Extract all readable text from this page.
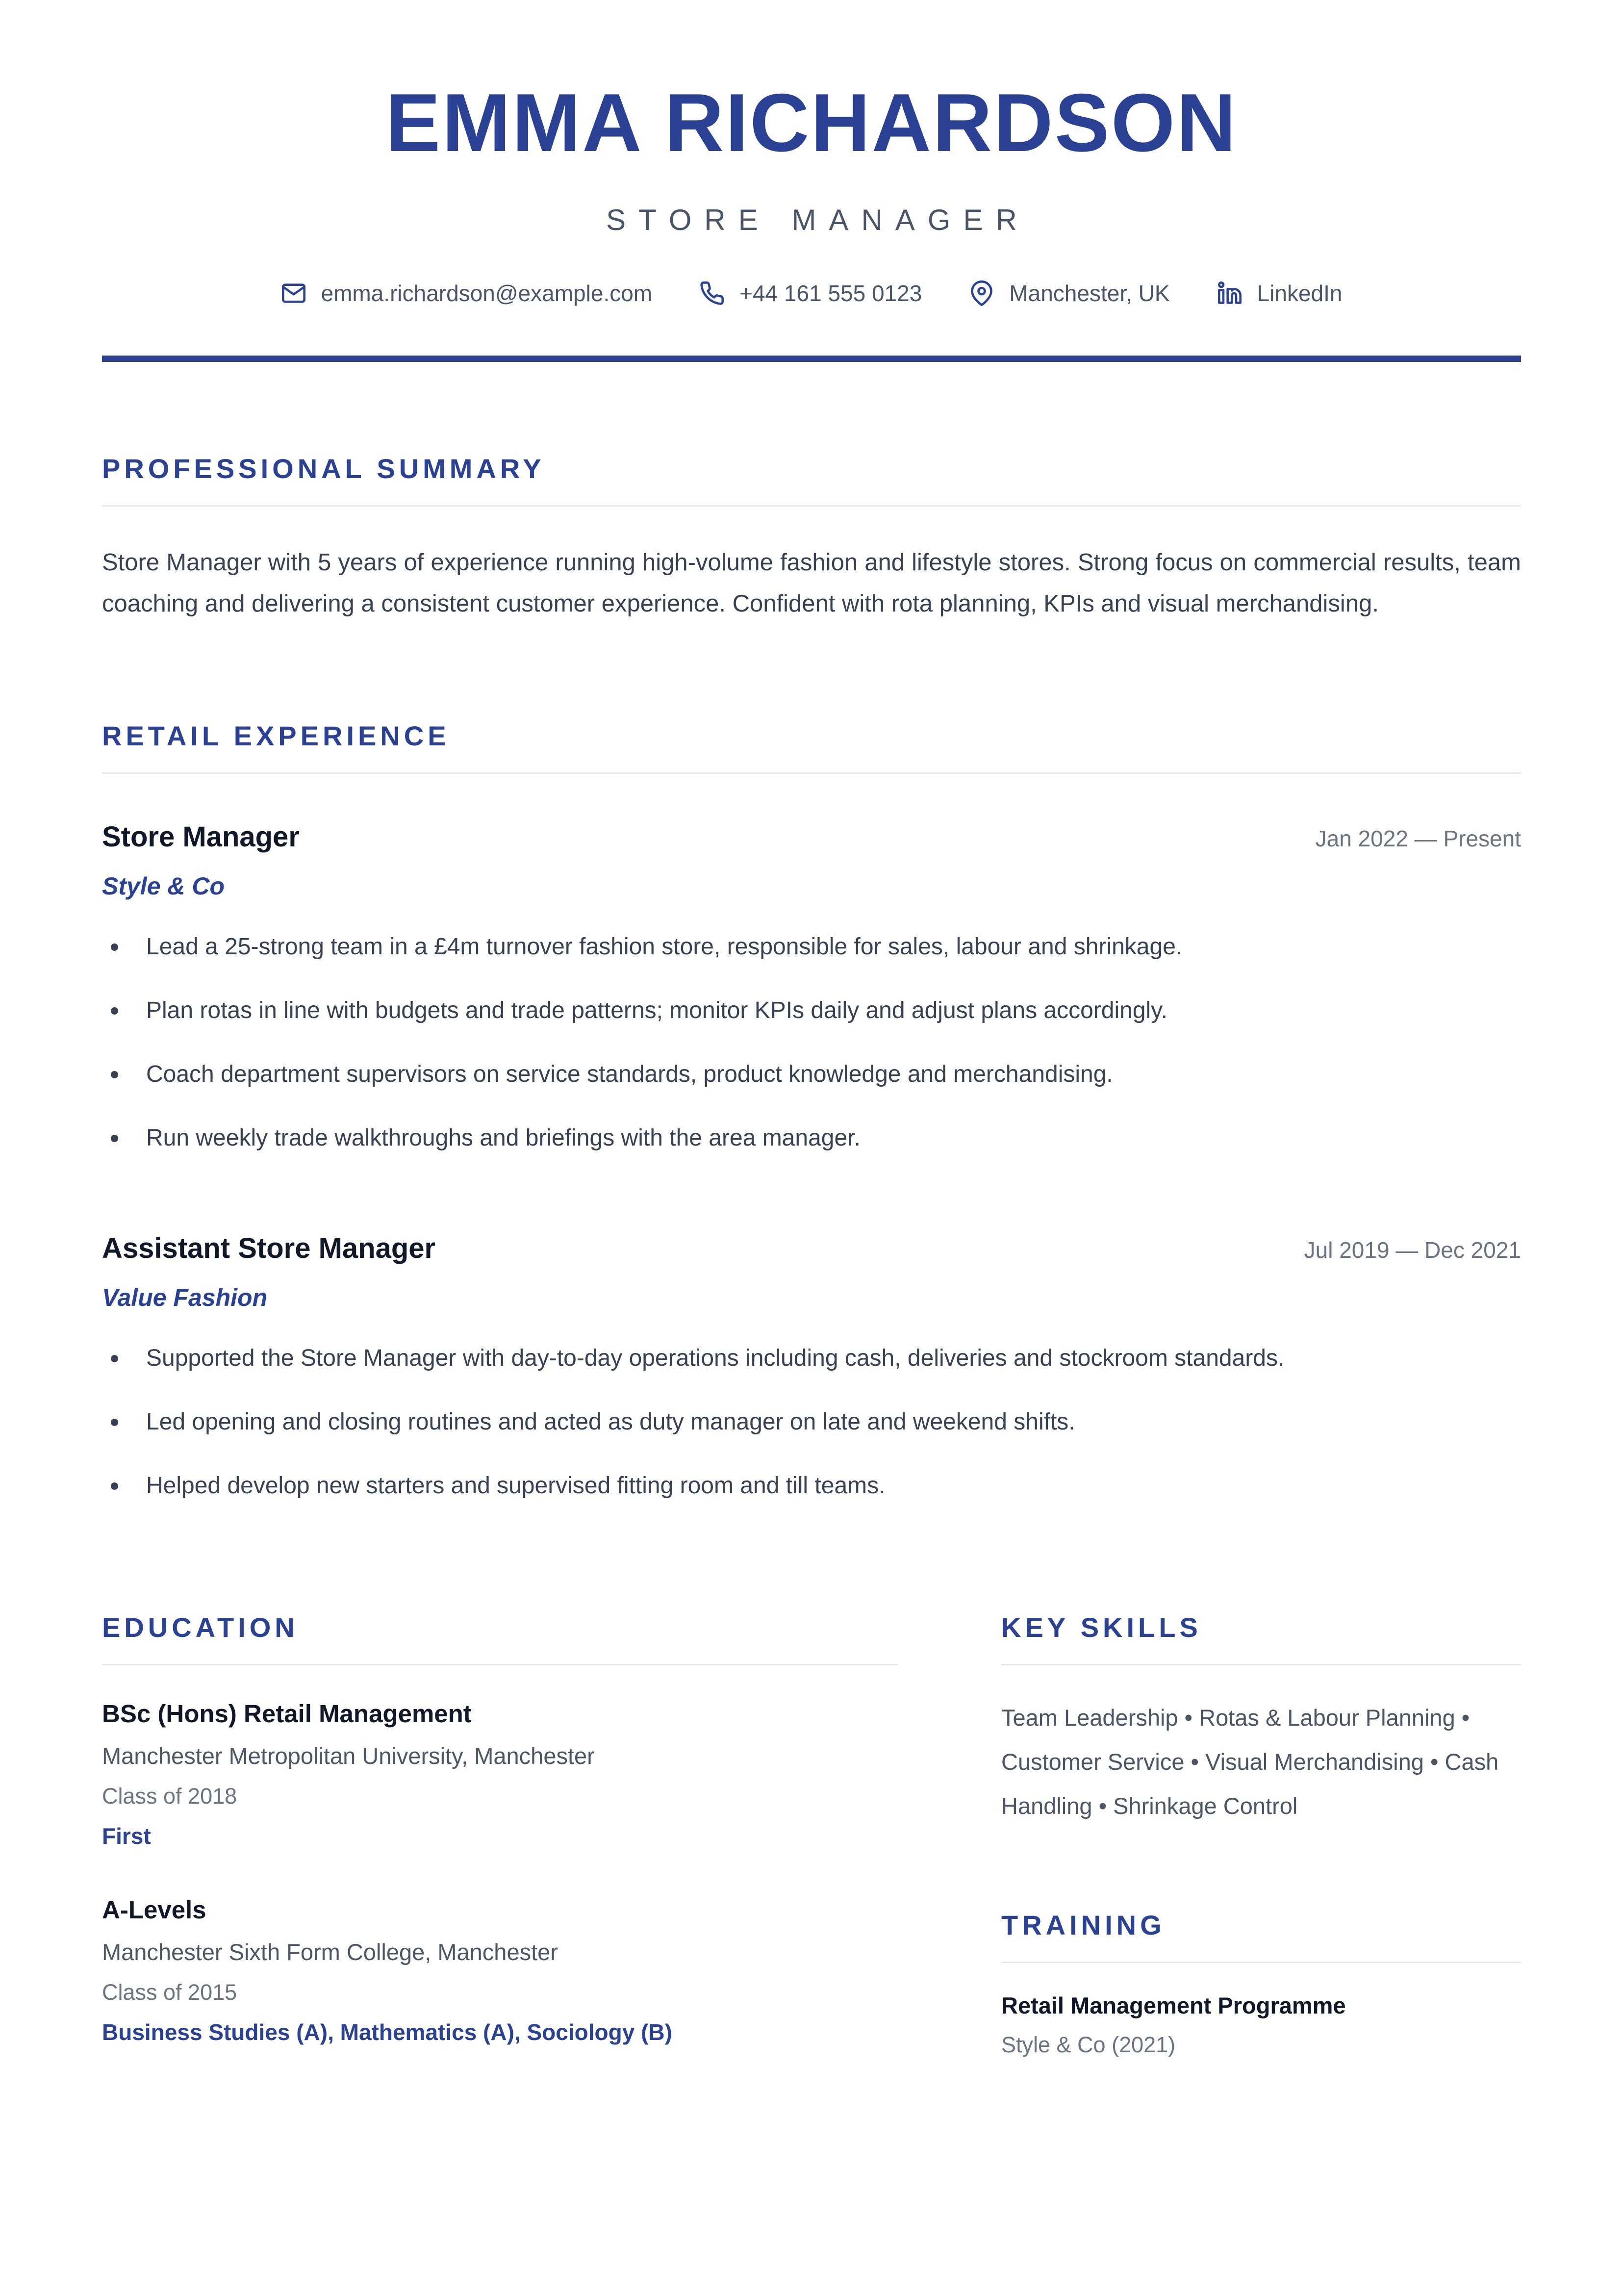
EMMA RICHARDSON
STORE MANAGER
emma.richardson@example.com	+44 161 555 0123	Manchester, UK	LinkedIn
PROFESSIONAL SUMMARY

Store Manager with 5 years of experience running high-volume fashion and lifestyle stores. Strong focus on commercial results, team coaching and delivering a consistent customer experience. Confident with rota planning, KPIs and visual merchandising.

RETAIL EXPERIENCE
Store Manager	Jan 2022 — Present
Style & Co
Lead a 25-strong team in a £4m turnover fashion store, responsible for sales, labour and shrinkage.
Plan rotas in line with budgets and trade patterns; monitor KPIs daily and adjust plans accordingly.
Coach department supervisors on service standards, product knowledge and merchandising.
Run weekly trade walkthroughs and briefings with the area manager.
Assistant Store Manager	Jul 2019 — Dec 2021
Value Fashion
Supported the Store Manager with day-to-day operations including cash, deliveries and stockroom standards.
Led opening and closing routines and acted as duty manager on late and weekend shifts.
Helped develop new starters and supervised fitting room and till teams.
EDUCATION
BSc (Hons) Retail Management
Manchester Metropolitan University, Manchester
Class of 2018
First
A-Levels
Manchester Sixth Form College, Manchester
Class of 2015
Business Studies (A), Mathematics (A), Sociology (B)
KEY SKILLS

Team Leadership • Rotas & Labour Planning • Customer Service • Visual Merchandising • Cash Handling • Shrinkage Control

TRAINING
Retail Management Programme
Style & Co (2021)
